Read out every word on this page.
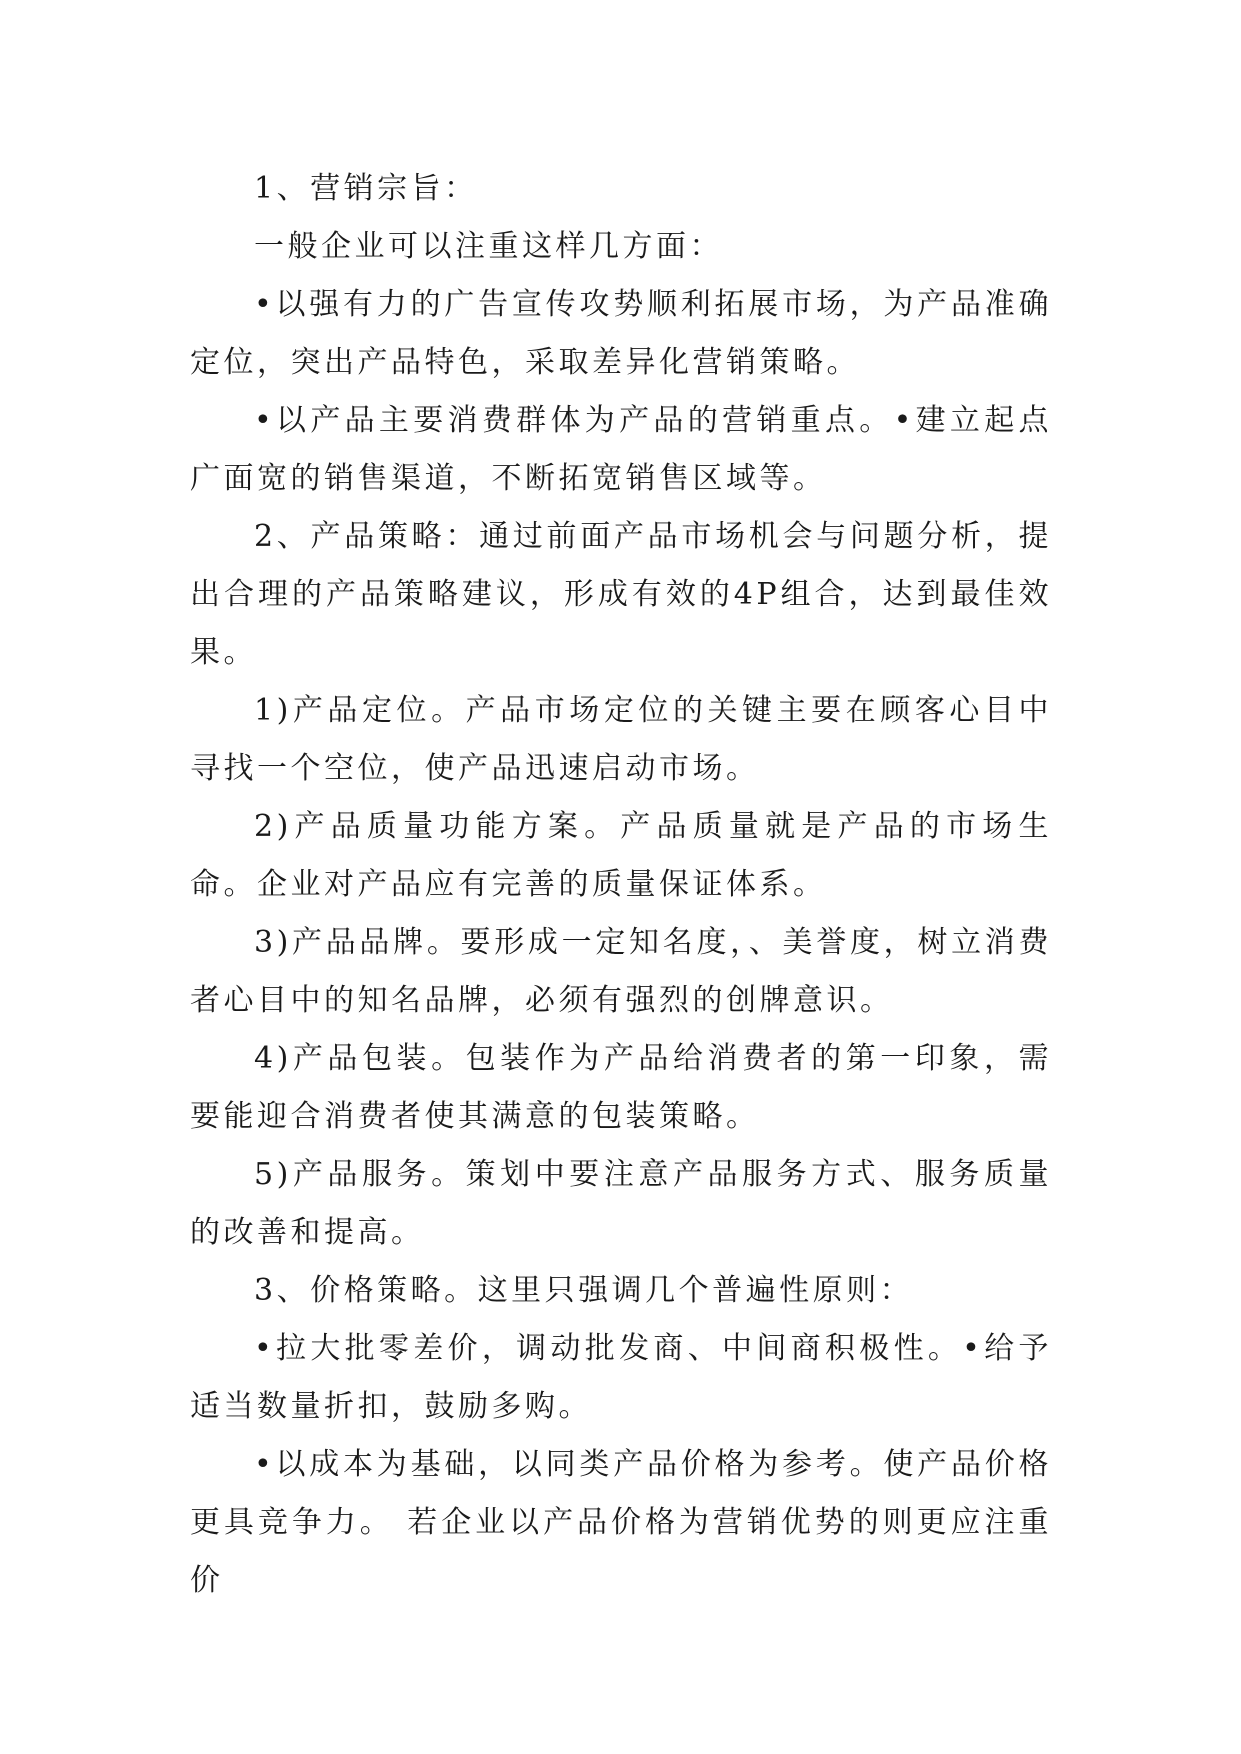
1、营销宗旨：

一般企业可以注重这样几方面：

•以强有力的广告宣传攻势顺利拓展市场，为产品准确定位，突出产品特色，采取差异化营销策略。

•以产品主要消费群体为产品的营销重点。•建立起点广面宽的销售渠道，不断拓宽销售区域等。

2、产品策略：通过前面产品市场机会与问题分析，提出合理的产品策略建议，形成有效的4P组合，达到最佳效果。

1)产品定位。产品市场定位的关键主要在顾客心目中寻找一个空位，使产品迅速启动市场。

2)产品质量功能方案。产品质量就是产品的市场生命。企业对产品应有完善的质量保证体系。

3)产品品牌。要形成一定知名度，、美誉度，树立消费者心目中的知名品牌，必须有强烈的创牌意识。

4)产品包装。包装作为产品给消费者的第一印象，需要能迎合消费者使其满意的包装策略。

5)产品服务。策划中要注意产品服务方式、服务质量的改善和提高。

3、价格策略。这里只强调几个普遍性原则：

•拉大批零差价，调动批发商、中间商积极性。•给予适当数量折扣，鼓励多购。

•以成本为基础，以同类产品价格为参考。使产品价格更具竞争力。 若企业以产品价格为营销优势的则更应注重价
